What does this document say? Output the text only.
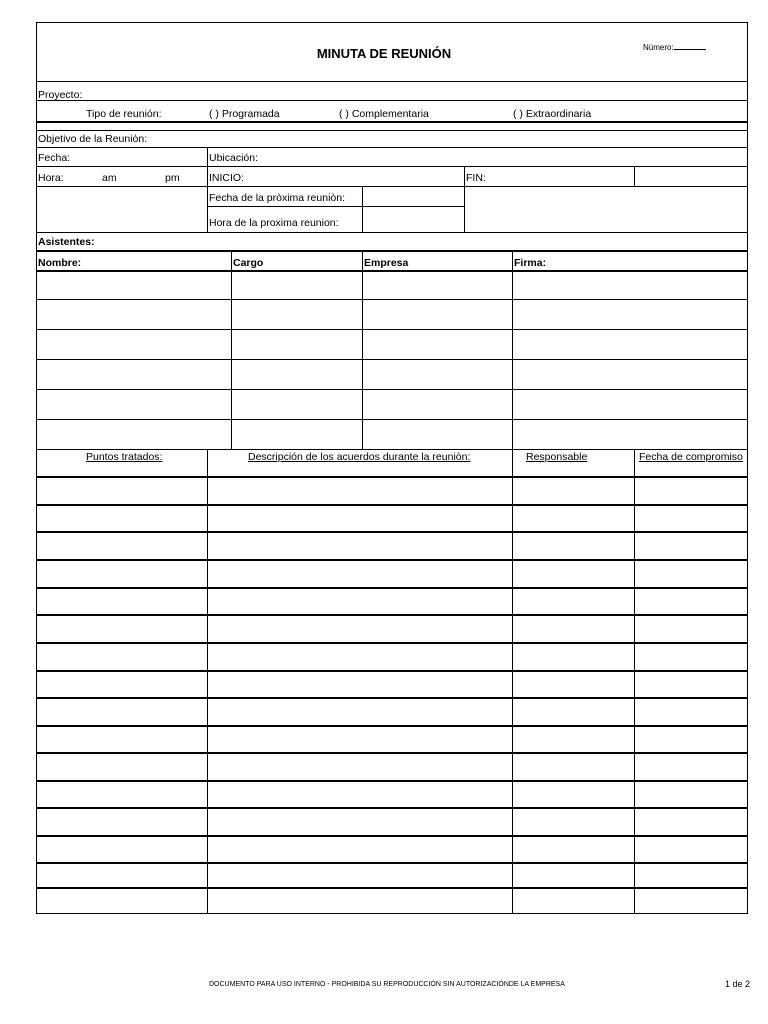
MINUTA DE REUNIÓN	Número:
Proyecto:
Tipo de reunión:	( ) Programada	( ) Complementaria	( ) Extraordinaria
Objetivo de la Reuniòn:
Fecha:	Ubicación:
Hora:	am	pm	INICIO:	FIN:
Fecha de la pròxima reuniòn:
Hora de la proxima reunion:
Asistentes:
Nombre:	Cargo	Empresa	Firma:
Puntos tratados:	Descripción de los acuerdos durante la reuniòn:	Responsable	Fecha de compromiso
DOCUMENTO PARA USO INTERNO - PROHIBIDA SU REPRODUCCIÓN SIN AUTORIZACIÓNDE LA EMPRESA	1 de 2
